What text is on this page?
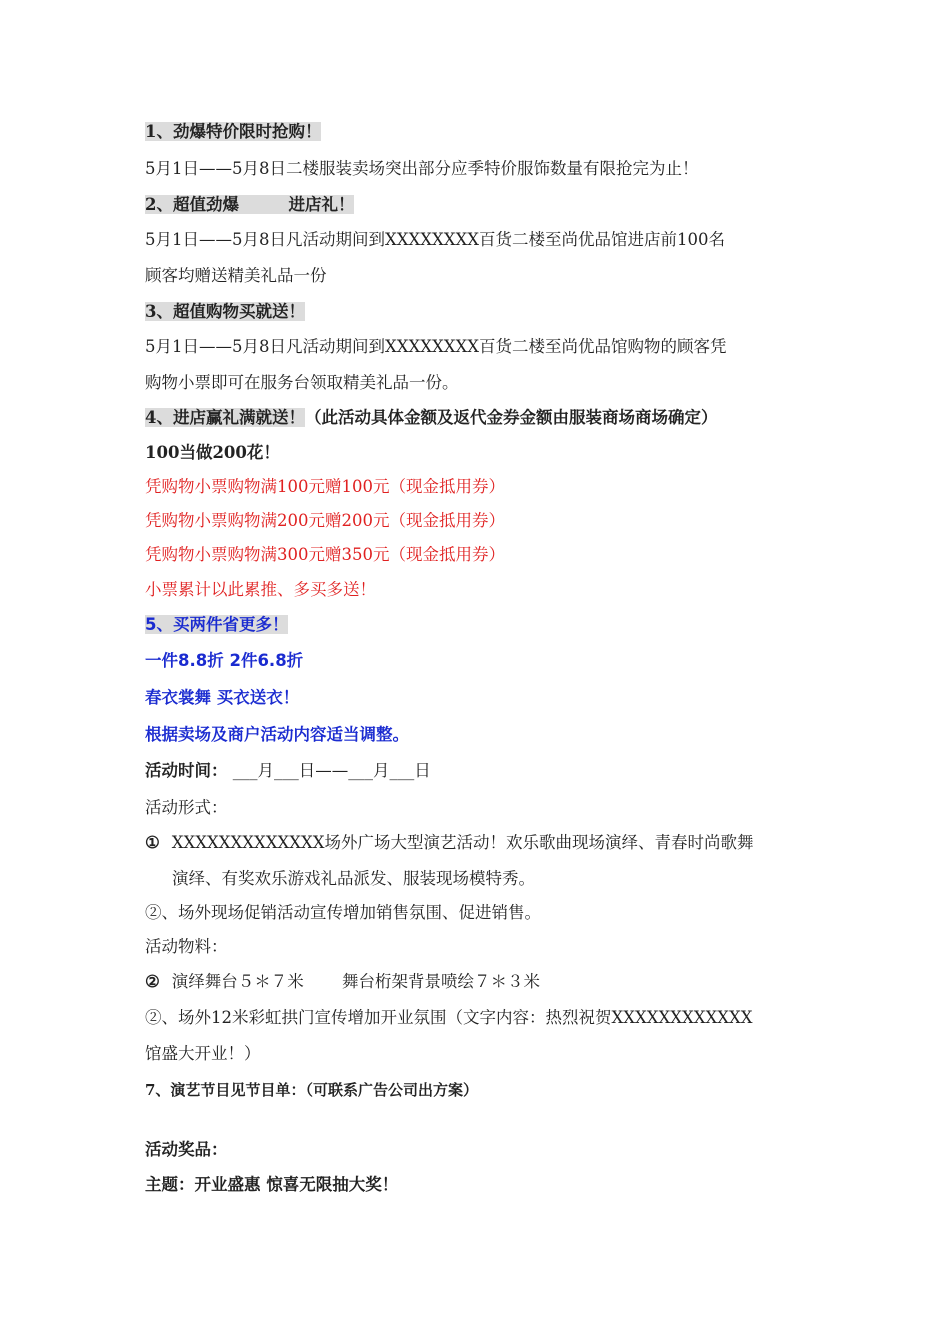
1、劲爆特价限时抢购！

5月1日——5月8日二楼服装卖场突出部分应季特价服饰数量有限抢完为止！

2、超值劲爆　　　进店礼！

5月1日——5月8日凡活动期间到XXXXXXXX百货二楼至尚优品馆进店前100名

顾客均赠送精美礼品一份

3、超值购物买就送！

5月1日——5月8日凡活动期间到XXXXXXXX百货二楼至尚优品馆购物的顾客凭

购物小票即可在服务台领取精美礼品一份。

4、进店赢礼满就送！（此活动具体金额及返代金券金额由服装商场商场确定）

100当做200花！

凭购物小票购物满100元赠100元（现金抵用券）

凭购物小票购物满200元赠200元（现金抵用券）

凭购物小票购物满300元赠350元（现金抵用券）

小票累计以此累推、多买多送！

5、买两件省更多！

一件8.8折 2件6.8折

春衣裳舞 买衣送衣！

根据卖场及商户活动内容适当调整。

活动时间： ___月___日——___月___日

活动形式：

① XXXXXXXXXXXXX场外广场大型演艺活动！欢乐歌曲现场演绎、青春时尚歌舞

演绎、有奖欢乐游戏礼品派发、服装现场模特秀。

②、场外现场促销活动宣传增加销售氛围、促进销售。

活动物料：

② 演绎舞台５＊７米　　 舞台桁架背景喷绘７＊３米

②、场外12米彩虹拱门宣传增加开业氛围（文字内容：热烈祝贺XXXXXXXXXXXX

馆盛大开业！）

7、演艺节目见节目单：（可联系广告公司出方案）

活动奖品：

主题：开业盛惠 惊喜无限抽大奖！
